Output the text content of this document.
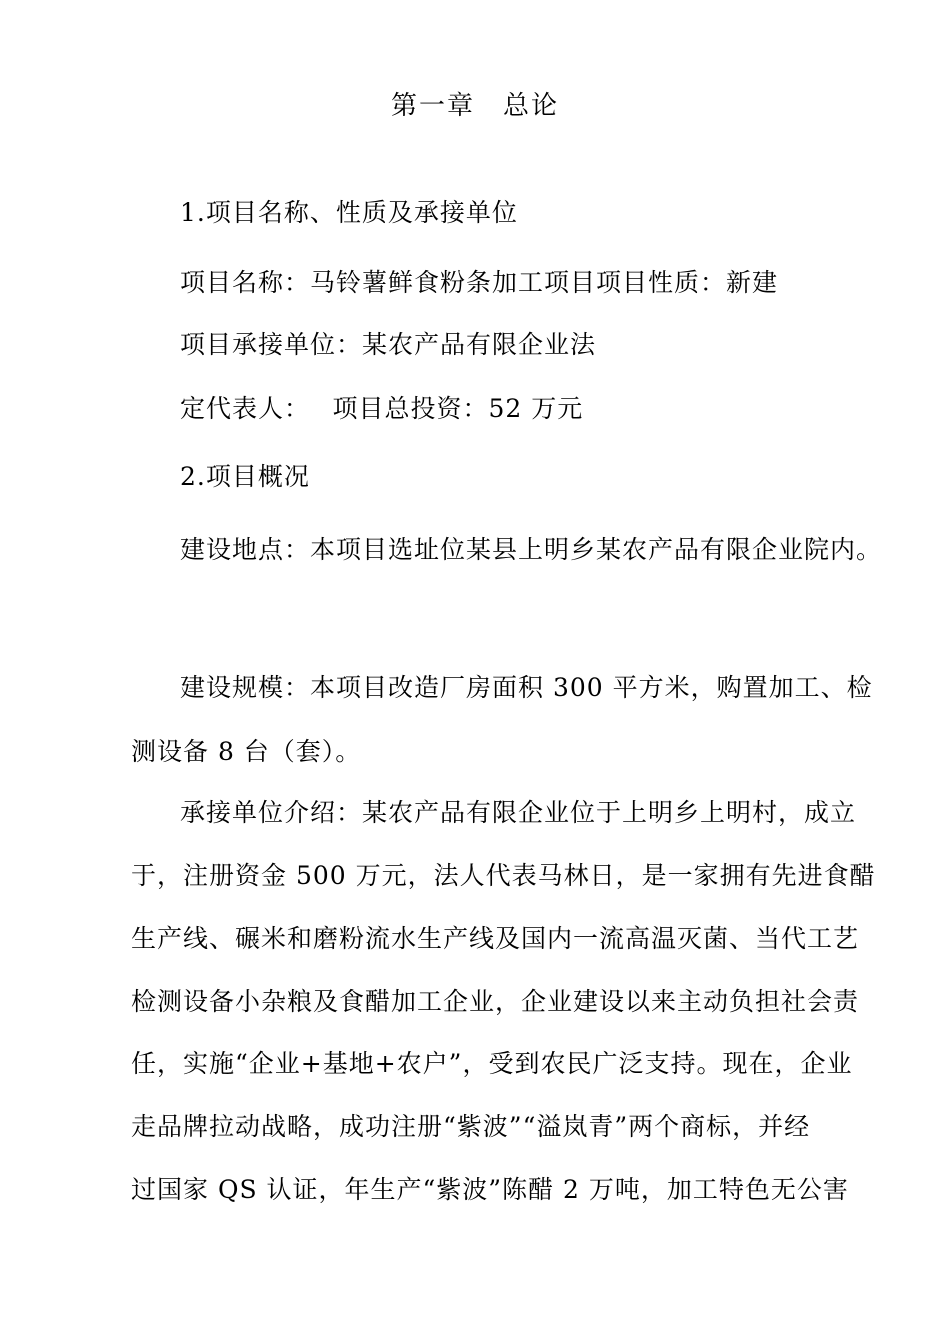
第一章　总论
1.项目名称、性质及承接单位
项目名称：马铃薯鲜食粉条加工项目项目性质：新建
项目承接单位：某农产品有限企业法
定代表人：　 项目总投资：52 万元
2.项目概况
建设地点：本项目选址位某县上明乡某农产品有限企业院内。
建设规模：本项目改造厂房面积 300 平方米，购置加工、检
测设备 8 台（套）。
承接单位介绍：某农产品有限企业位于上明乡上明村，成立
于，注册资金 500 万元，法人代表马林日，是一家拥有先进食醋
生产线、碾米和磨粉流水生产线及国内一流高温灭菌、当代工艺
检测设备小杂粮及食醋加工企业，企业建设以来主动负担社会责
任，实施“企业+基地+农户”，受到农民广泛支持。现在，企业
走品牌拉动战略，成功注册“紫波”“溢岚青”两个商标，并经
过国家 QS 认证，年生产“紫波”陈醋 2 万吨，加工特色无公害
